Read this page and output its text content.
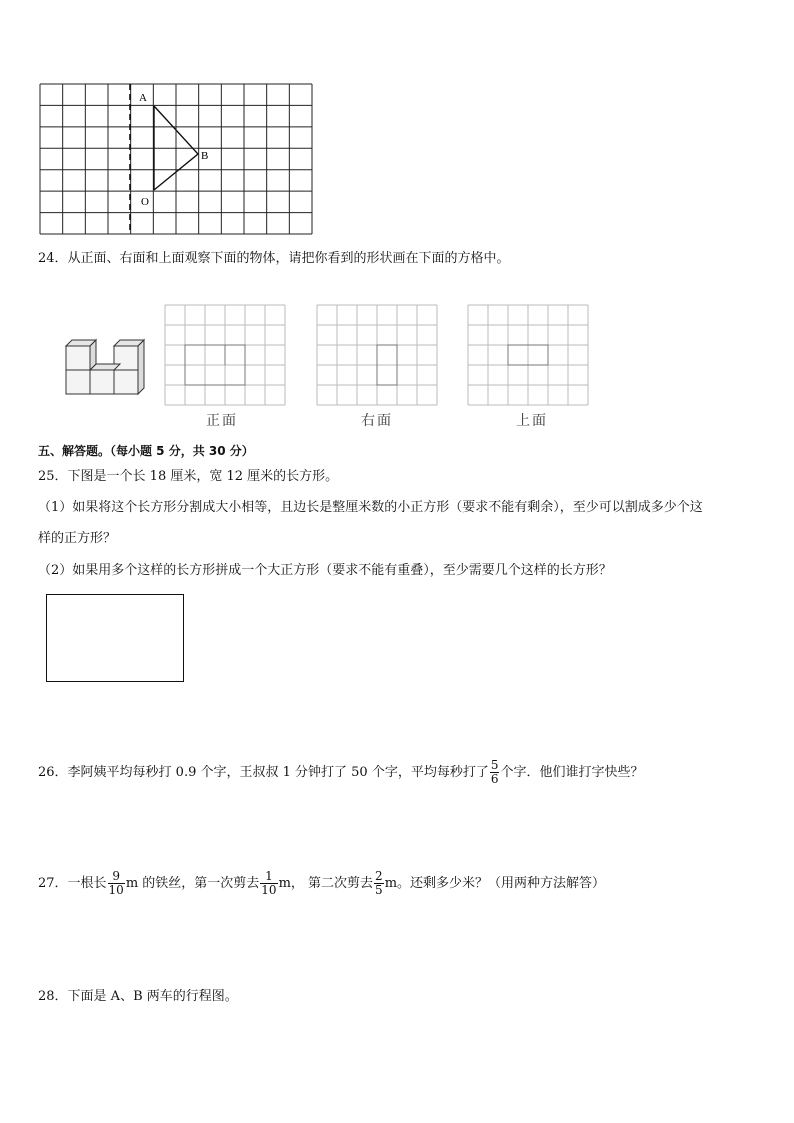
A
B
O
24．从正面、右面和上面观察下面的物体，请把你看到的形状画在下面的方格中。
正面	右面	上面
五、解答题。（每小题 5 分，共 30 分）
25．下图是一个长 18 厘米，宽 12 厘米的长方形。
（1）如果将这个长方形分割成大小相等，且边长是整厘米数的小正方形（要求不能有剩余），至少可以割成多少个这
样的正方形？
（2）如果用多个这样的长方形拼成一个大正方形（要求不能有重叠），至少需要几个这样的长方形？
26．李阿姨平均每秒打 0.9 个字，王叔叔 1 分钟打了 50 个字，平均每秒打了 $\frac{5}{6}$ 个字．他们谁打字快些？
27．一根长 $\frac{9}{10}$ m 的铁丝，第一次剪去 $\frac{1}{10}$ m， 第二次剪去 $\frac{2}{5}$ m。还剩多少米？（用两种方法解答）
28．下面是 A、B 两车的行程图。
